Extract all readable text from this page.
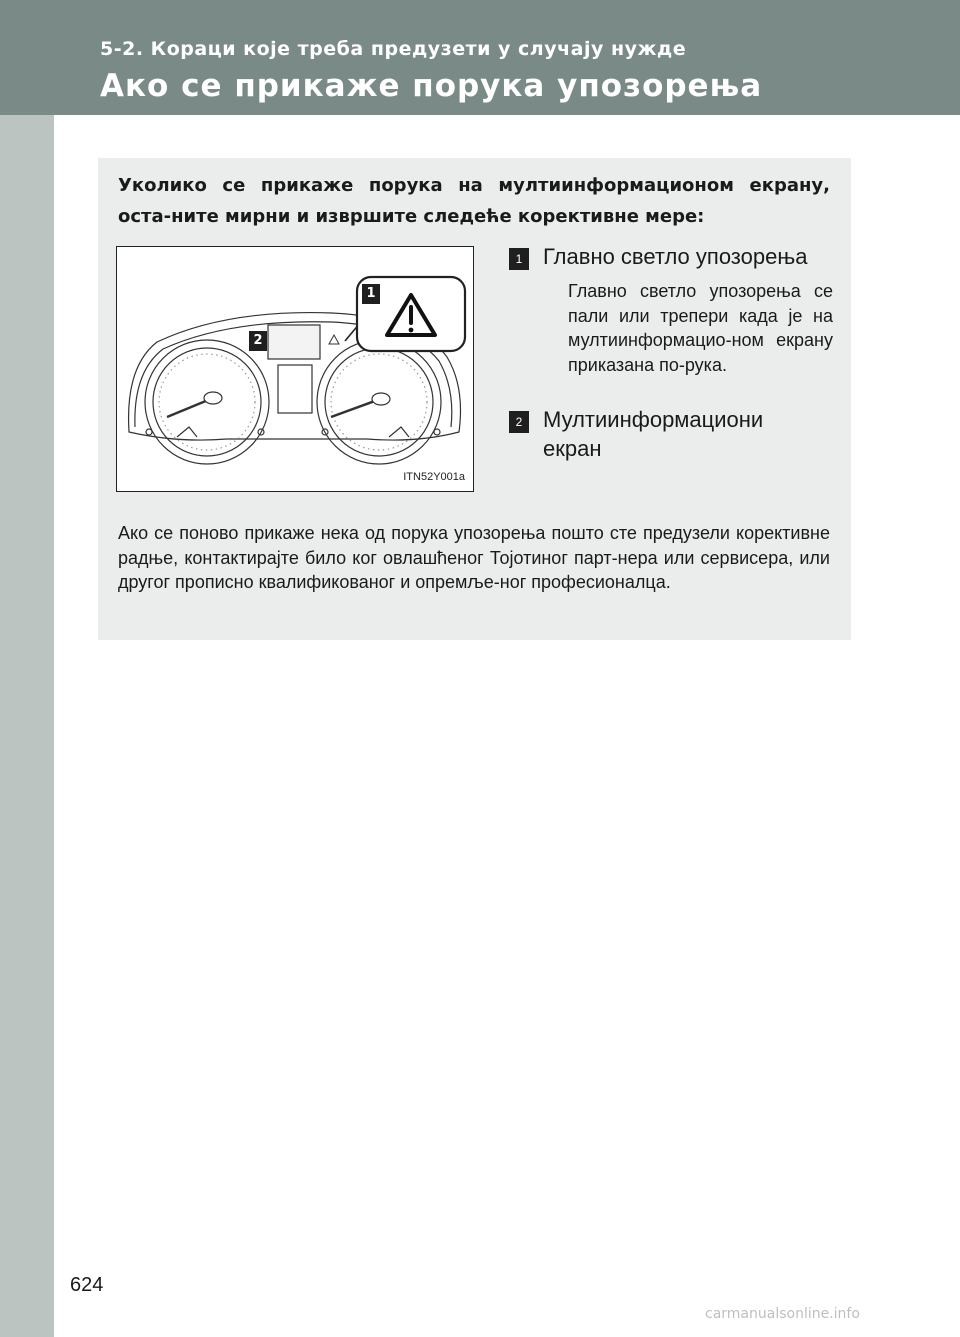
5-2. Кораци које треба предузети у случају нужде
Ако се прикаже порука упозорења
Уколико се прикаже порука на мултиинформационом екрану, оста-ните мирни и извршите следеће корективне мере:
1
2
ITN52Y001a
1 Главно светло упозорења
Главно светло упозорења се пали или трепери када је на мултиинформацио-ном екрану приказана по-рука.
2 Мултиинформациони екран
Ако се поново прикаже нека од порука упозорења пошто сте предузели корективне радње, контактирајте било ког овлашћеног Тојотиног парт-нера или сервисера, или другог прописно квалификованог и опремље-ног професионалца.
624
carmanualsonline.info
